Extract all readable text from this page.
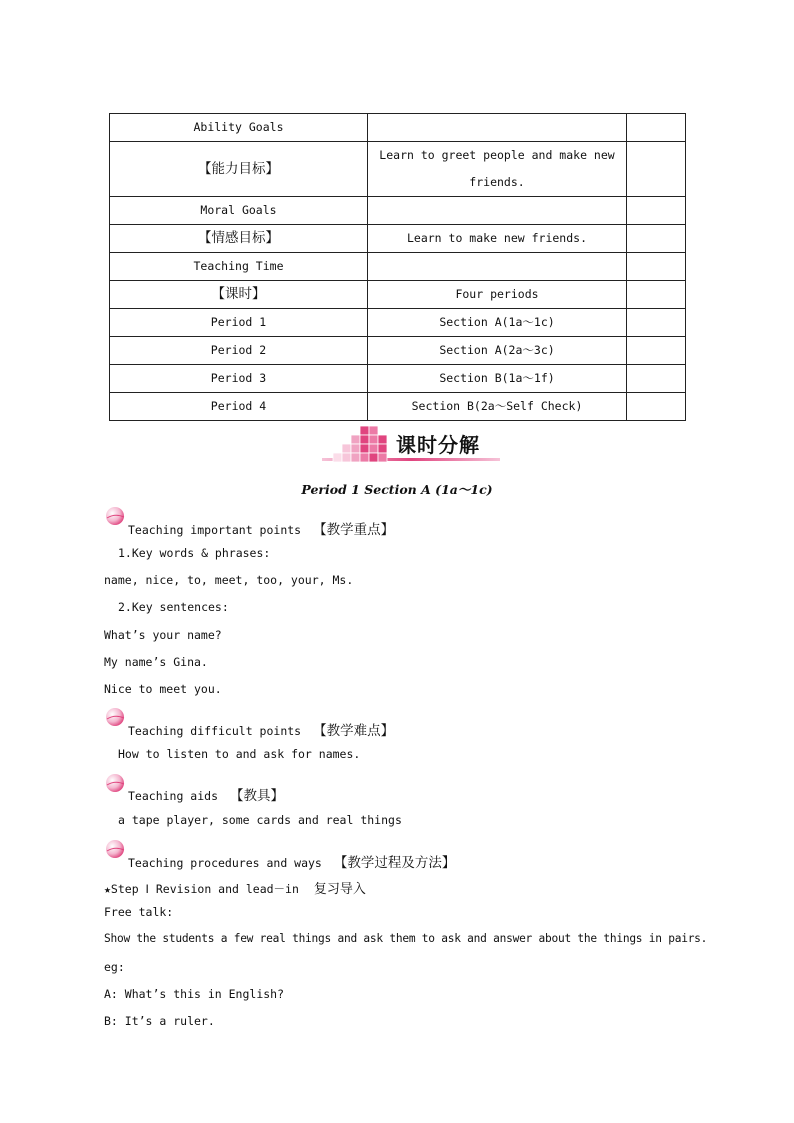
Ability Goals		
【能力目标】	Learn to greet people and make new friends.	
Moral Goals		
【情感目标】	Learn to make new friends.	
Teaching Time		
【课时】	Four periods	
Period 1	Section A(1a～1c)	
Period 2	Section A(2a～3c)	
Period 3	Section B(1a～1f)	
Period 4	Section B(2a～Self Check)	
课时分解
Period 1 Section A (1a～1c)
Teaching important points 【教学重点】
1.Key words & phrases:
name, nice, to, meet, too, your, Ms.
2.Key sentences:
What’s your name?
My name’s Gina.
Nice to meet you.
Teaching difficult points 【教学难点】
How to listen to and ask for names.
Teaching aids 【教具】
a tape player, some cards and real things
Teaching procedures and ways 【教学过程及方法】
★Step Ⅰ Revision and lead－in 复习导入
Free talk:
Show the students a few real things and ask them to ask and answer about the things in pairs.
eg:
A: What’s this in English?
B: It’s a ruler.
